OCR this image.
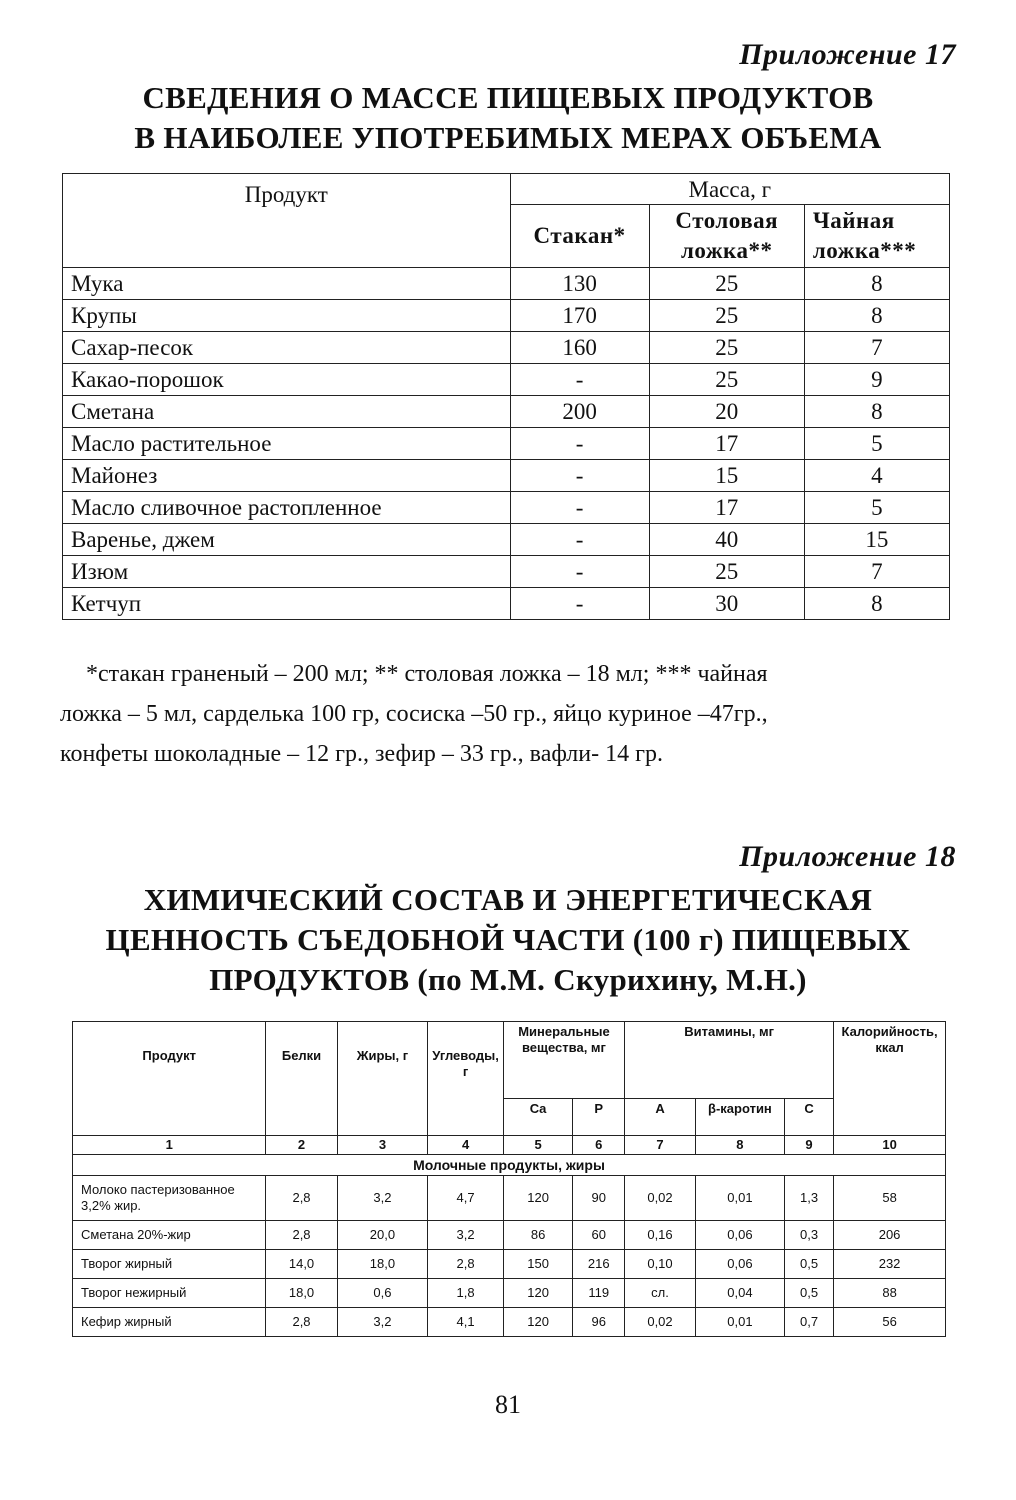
Приложение 17
СВЕДЕНИЯ О МАССЕ ПИЩЕВЫХ ПРОДУКТОВ
В НАИБОЛЕЕ УПОТРЕБИМЫХ МЕРАХ ОБЪЕМА
Продукт	Масса, г		
	Стакан*	Столовая ложка**	Чайная ложка***
Мука	130	25	8
Крупы	170	25	8
Сахар-песок	160	25	7
Какао-порошок	-	25	9
Сметана	200	20	8
Масло растительное	-	17	5
Майонез	-	15	4
Масло сливочное растопленное	-	17	5
Варенье, джем	-	40	15
Изюм	-	25	7
Кетчуп	-	30	8

*стакан граненый – 200 мл; ** столовая ложка – 18 мл; *** чайная

ложка – 5 мл, сарделька 100 гр, сосиска –50 гр., яйцо куриное –47гр.,

конфеты шоколадные – 12 гр., зефир – 33 гр., вафли- 14 гр.

Приложение 18
ХИМИЧЕСКИЙ СОСТАВ И ЭНЕРГЕТИЧЕСКАЯ
ЦЕННОСТЬ СЪЕДОБНОЙ ЧАСТИ (100 г) ПИЩЕВЫХ
ПРОДУКТОВ (по М.М. Скурихину, М.Н.)
Продукт	Белки	Жиры, г	Углеводы, г	Минеральные вещества, мг		Витамины, мг			Калорийность, ккал
				Ca	P	A	β-каротин	C	
1	2	3	4	5	6	7	8	9	10
Молочные продукты, жиры									
Молоко пастеризованное 3,2% жир.	2,8	3,2	4,7	120	90	0,02	0,01	1,3	58
Сметана 20%-жир	2,8	20,0	3,2	86	60	0,16	0,06	0,3	206
Творог жирный	14,0	18,0	2,8	150	216	0,10	0,06	0,5	232
Творог нежирный	18,0	0,6	1,8	120	119	сл.	0,04	0,5	88
Кефир жирный	2,8	3,2	4,1	120	96	0,02	0,01	0,7	56
81
